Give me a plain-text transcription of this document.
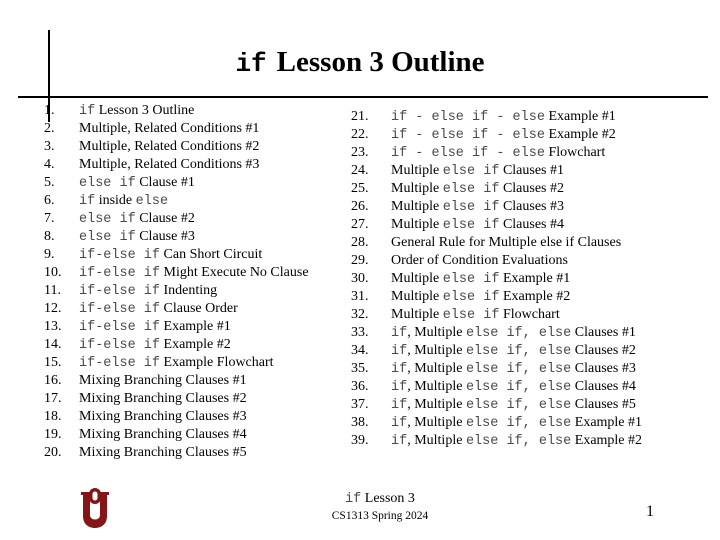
if Lesson 3 Outline
1. if Lesson 3 Outline
2. Multiple, Related Conditions #1
3. Multiple, Related Conditions #2
4. Multiple, Related Conditions #3
5. else if Clause #1
6. if inside else
7. else if Clause #2
8. else if Clause #3
9. if-else if Can Short Circuit
10. if-else if Might Execute No Clause
11. if-else if Indenting
12. if-else if Clause Order
13. if-else if Example #1
14. if-else if Example #2
15. if-else if Example Flowchart
16. Mixing Branching Clauses #1
17. Mixing Branching Clauses #2
18. Mixing Branching Clauses #3
19. Mixing Branching Clauses #4
20. Mixing Branching Clauses #5
21. if - else if - else Example #1
22. if - else if - else Example #2
23. if - else if - else Flowchart
24. Multiple else if Clauses #1
25. Multiple else if Clauses #2
26. Multiple else if Clauses #3
27. Multiple else if Clauses #4
28. General Rule for Multiple else if Clauses
29. Order of Condition Evaluations
30. Multiple else if Example #1
31. Multiple else if Example #2
32. Multiple else if Flowchart
33. if, Multiple else if, else Clauses #1
34. if, Multiple else if, else Clauses #2
35. if, Multiple else if, else Clauses #3
36. if, Multiple else if, else Clauses #4
37. if, Multiple else if, else Clauses #5
38. if, Multiple else if, else Example #1
39. if, Multiple else if, else Example #2
if Lesson 3
CS1313 Spring 2024	1
